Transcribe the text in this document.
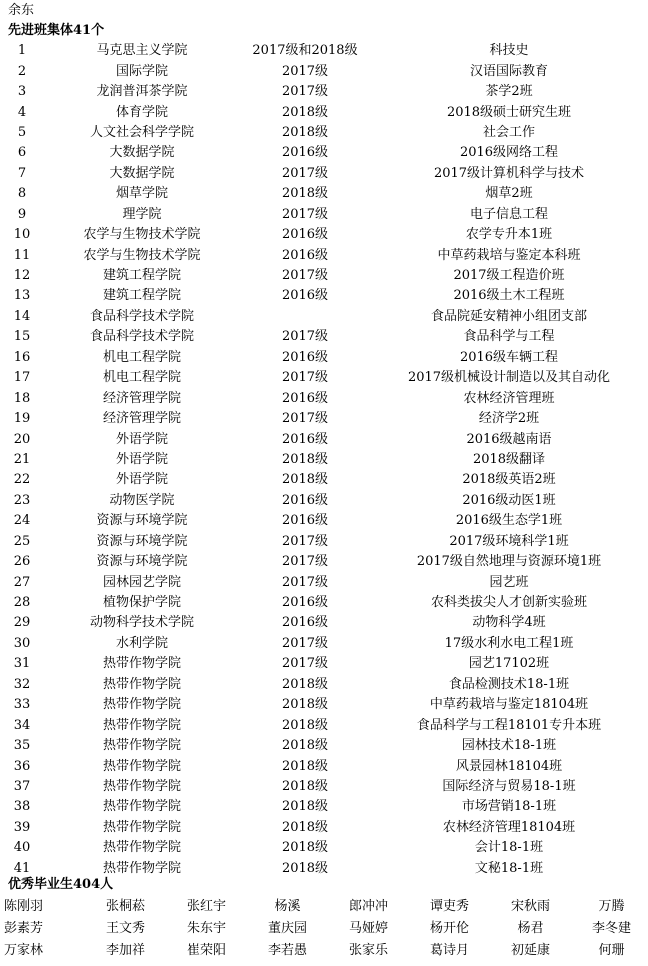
余东
先进班集体41个
1	马克思主义学院	2017级和2018级	科技史
2	国际学院	2017级	汉语国际教育
3	龙润普洱茶学院	2017级	茶学2班
4	体育学院	2018级	2018级硕士研究生班
5	人文社会科学学院	2018级	社会工作
6	大数据学院	2016级	2016级网络工程
7	大数据学院	2017级	2017级计算机科学与技术
8	烟草学院	2018级	烟草2班
9	理学院	2017级	电子信息工程
10	农学与生物技术学院	2016级	农学专升本1班
11	农学与生物技术学院	2016级	中草药栽培与鉴定本科班
12	建筑工程学院	2017级	2017级工程造价班
13	建筑工程学院	2016级	2016级土木工程班
14	食品科学技术学院		食品院延安精神小组团支部
15	食品科学技术学院	2017级	食品科学与工程
16	机电工程学院	2016级	2016级车辆工程
17	机电工程学院	2017级	2017级机械设计制造以及其自动化
18	经济管理学院	2016级	农林经济管理班
19	经济管理学院	2017级	经济学2班
20	外语学院	2016级	2016级越南语
21	外语学院	2018级	2018级翻译
22	外语学院	2018级	2018级英语2班
23	动物医学院	2016级	2016级动医1班
24	资源与环境学院	2016级	2016级生态学1班
25	资源与环境学院	2017级	2017级环境科学1班
26	资源与环境学院	2017级	2017级自然地理与资源环境1班
27	园林园艺学院	2017级	园艺班
28	植物保护学院	2016级	农科类拔尖人才创新实验班
29	动物科学技术学院	2016级	动物科学4班
30	水利学院	2017级	17级水利水电工程1班
31	热带作物学院	2017级	园艺17102班
32	热带作物学院	2018级	食品检测技术18-1班
33	热带作物学院	2018级	中草药栽培与鉴定18104班
34	热带作物学院	2018级	食品科学与工程18101专升本班
35	热带作物学院	2018级	园林技术18-1班
36	热带作物学院	2018级	风景园林18104班
37	热带作物学院	2018级	国际经济与贸易18-1班
38	热带作物学院	2018级	市场营销18-1班
39	热带作物学院	2018级	农林经济管理18104班
40	热带作物学院	2018级	会计18-1班
41	热带作物学院	2018级	文秘18-1班
优秀毕业生404人
陈刚羽	张桐菘	张红宇	杨溪	郎冲冲	谭吏秀	宋秋雨	万腾
彭素芳	王文秀	朱东宇	董庆园	马娅婷	杨开伦	杨君	李冬建
万家林	李加祥	崔荣阳	李若愚	张家乐	葛诗月	初延康	何珊
